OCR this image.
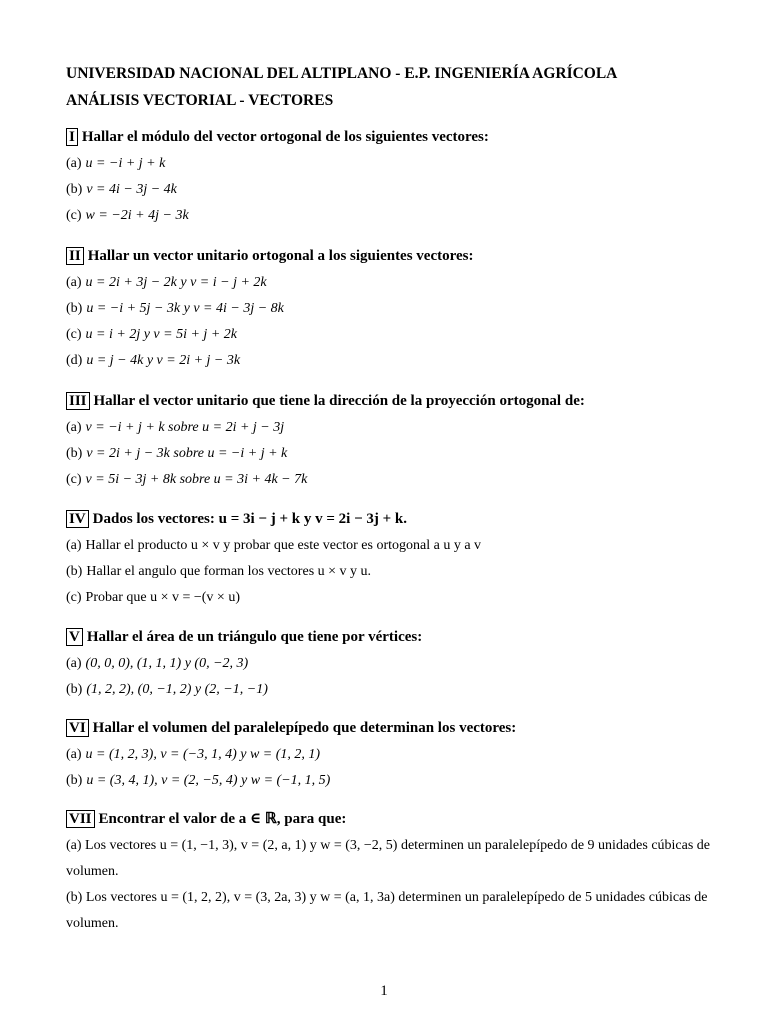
UNIVERSIDAD NACIONAL DEL ALTIPLANO - E.P. INGENIERÍA AGRÍCOLA
ANÁLISIS VECTORIAL - VECTORES
I Hallar el módulo del vector ortogonal de los siguientes vectores:
(a) u = −i + j + k
(b) v = 4i − 3j − 4k
(c) w = −2i + 4j − 3k
II Hallar un vector unitario ortogonal a los siguientes vectores:
(a) u = 2i + 3j − 2k y v = i − j + 2k
(b) u = −i + 5j − 3k y v = 4i − 3j − 8k
(c) u = i + 2j y v = 5i + j + 2k
(d) u = j − 4k y v = 2i + j − 3k
III Hallar el vector unitario que tiene la dirección de la proyección ortogonal de:
(a) v = −i + j + k sobre u = 2i + j − 3j
(b) v = 2i + j − 3k sobre u = −i + j + k
(c) v = 5i − 3j + 8k sobre u = 3i + 4k − 7k
IV Dados los vectores: u = 3i − j + k y v = 2i − 3j + k.
(a) Hallar el producto u × v y probar que este vector es ortogonal a u y a v
(b) Hallar el angulo que forman los vectores u × v y u.
(c) Probar que u × v = −(v × u)
V Hallar el área de un triángulo que tiene por vértices:
(a) (0, 0, 0), (1, 1, 1) y (0, −2, 3)
(b) (1, 2, 2), (0, −1, 2) y (2, −1, −1)
VI Hallar el volumen del paralelepípedo que determinan los vectores:
(a) u = (1, 2, 3), v = (−3, 1, 4) y w = (1, 2, 1)
(b) u = (3, 4, 1), v = (2, −5, 4) y w = (−1, 1, 5)
VII Encontrar el valor de a ∈ ℝ, para que:
(a) Los vectores u = (1, −1, 3), v = (2, a, 1) y w = (3, −2, 5) determinen un paralelepípedo de 9 unidades cúbicas de volumen.
(b) Los vectores u = (1, 2, 2), v = (3, 2a, 3) y w = (a, 1, 3a) determinen un paralelepípedo de 5 unidades cúbicas de volumen.
1
